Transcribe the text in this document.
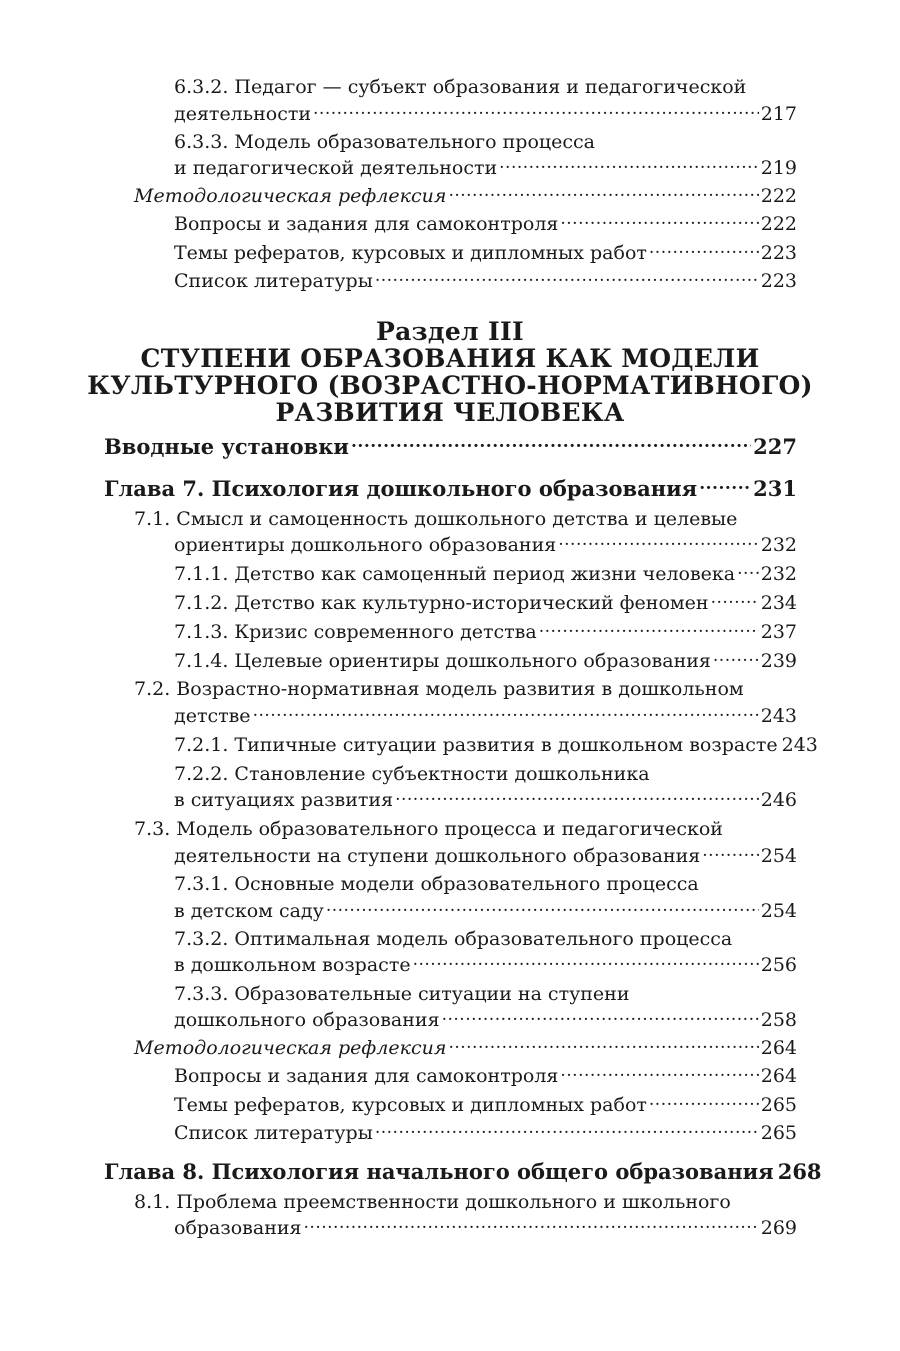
6.3.2. Педагог — субъект образования и педагогической
деятельности .....	217
6.3.3. Модель образовательного процесса
и педагогической деятельности .....	219
Методологическая рефлексия .....	222
Вопросы и задания для самоконтроля .....	222
Темы рефератов, курсовых и дипломных работ .....	223
Список литературы .....	223
Раздел III
СТУПЕНИ ОБРАЗОВАНИЯ КАК МОДЕЛИ
КУЛЬТУРНОГО (ВОЗРАСТНО-НОРМАТИВНОГО)
РАЗВИТИЯ ЧЕЛОВЕКА
Вводные установки .....	227
Глава 7. Психология дошкольного образования .....	231
7.1. Смысл и самоценность дошкольного детства и целевые
ориентиры дошкольного образования .....	232
7.1.1. Детство как самоценный период жизни человека ..... 232
7.1.2. Детство как культурно-исторический феномен .....	234
7.1.3. Кризис современного детства .....	237
7.1.4. Целевые ориентиры дошкольного образования .....	239
7.2. Возрастно-нормативная модель развития в дошкольном
детстве .....	243
7.2.1. Типичные ситуации развития в дошкольном возрасте 243
7.2.2. Становление субъектности дошкольника
в ситуациях развития .....	246
7.3. Модель образовательного процесса и педагогической
деятельности на ступени дошкольного образования .....	254
7.3.1. Основные модели образовательного процесса
в детском саду .....	254
7.3.2. Оптимальная модель образовательного процесса
в дошкольном возрасте .....	256
7.3.3. Образовательные ситуации на ступени
дошкольного образования .....	258
Методологическая рефлексия .....	264
Вопросы и задания для самоконтроля .....	264
Темы рефератов, курсовых и дипломных работ .....	265
Список литературы .....	265
Глава 8. Психология начального общего образования 268
8.1. Проблема преемственности дошкольного и школьного
образования .....	269
